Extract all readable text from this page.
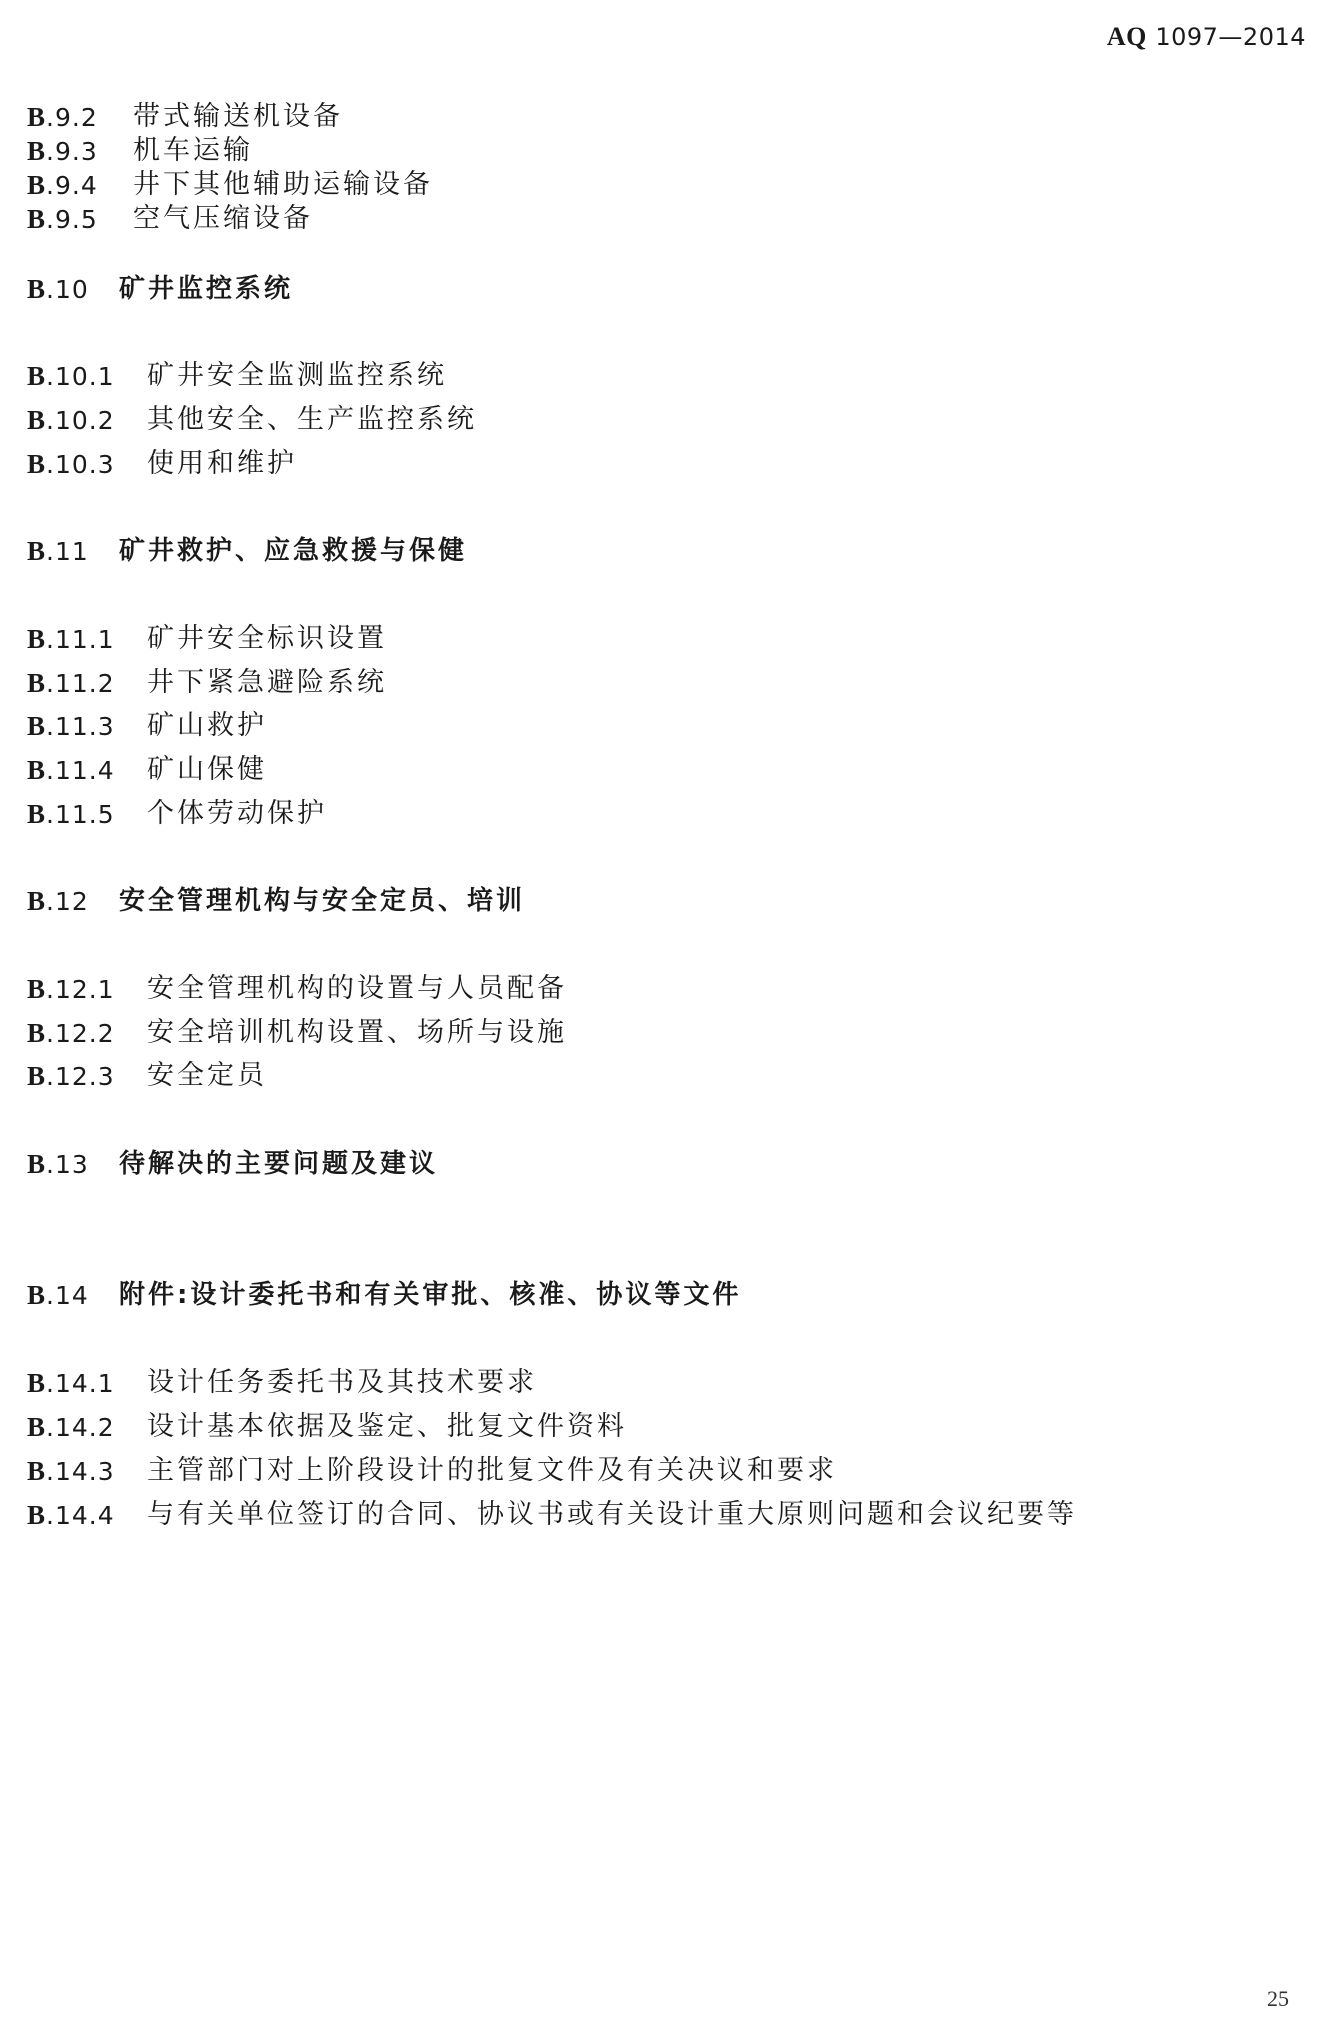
AQ 1097—2014
B.9.2	带式输送机设备
B.9.3	机车运输
B.9.4	井下其他辅助运输设备
B.9.5	空气压缩设备
B.10	矿井监控系统
B.10.1	矿井安全监测监控系统
B.10.2	其他安全、生产监控系统
B.10.3	使用和维护
B.11	矿井救护、应急救援与保健
B.11.1	矿井安全标识设置
B.11.2	井下紧急避险系统
B.11.3	矿山救护
B.11.4	矿山保健
B.11.5	个体劳动保护
B.12	安全管理机构与安全定员、培训
B.12.1	安全管理机构的设置与人员配备
B.12.2	安全培训机构设置、场所与设施
B.12.3	安全定员
B.13	待解决的主要问题及建议
B.14	附件:设计委托书和有关审批、核准、协议等文件
B.14.1	设计任务委托书及其技术要求
B.14.2	设计基本依据及鉴定、批复文件资料
B.14.3	主管部门对上阶段设计的批复文件及有关决议和要求
B.14.4	与有关单位签订的合同、协议书或有关设计重大原则问题和会议纪要等
25
